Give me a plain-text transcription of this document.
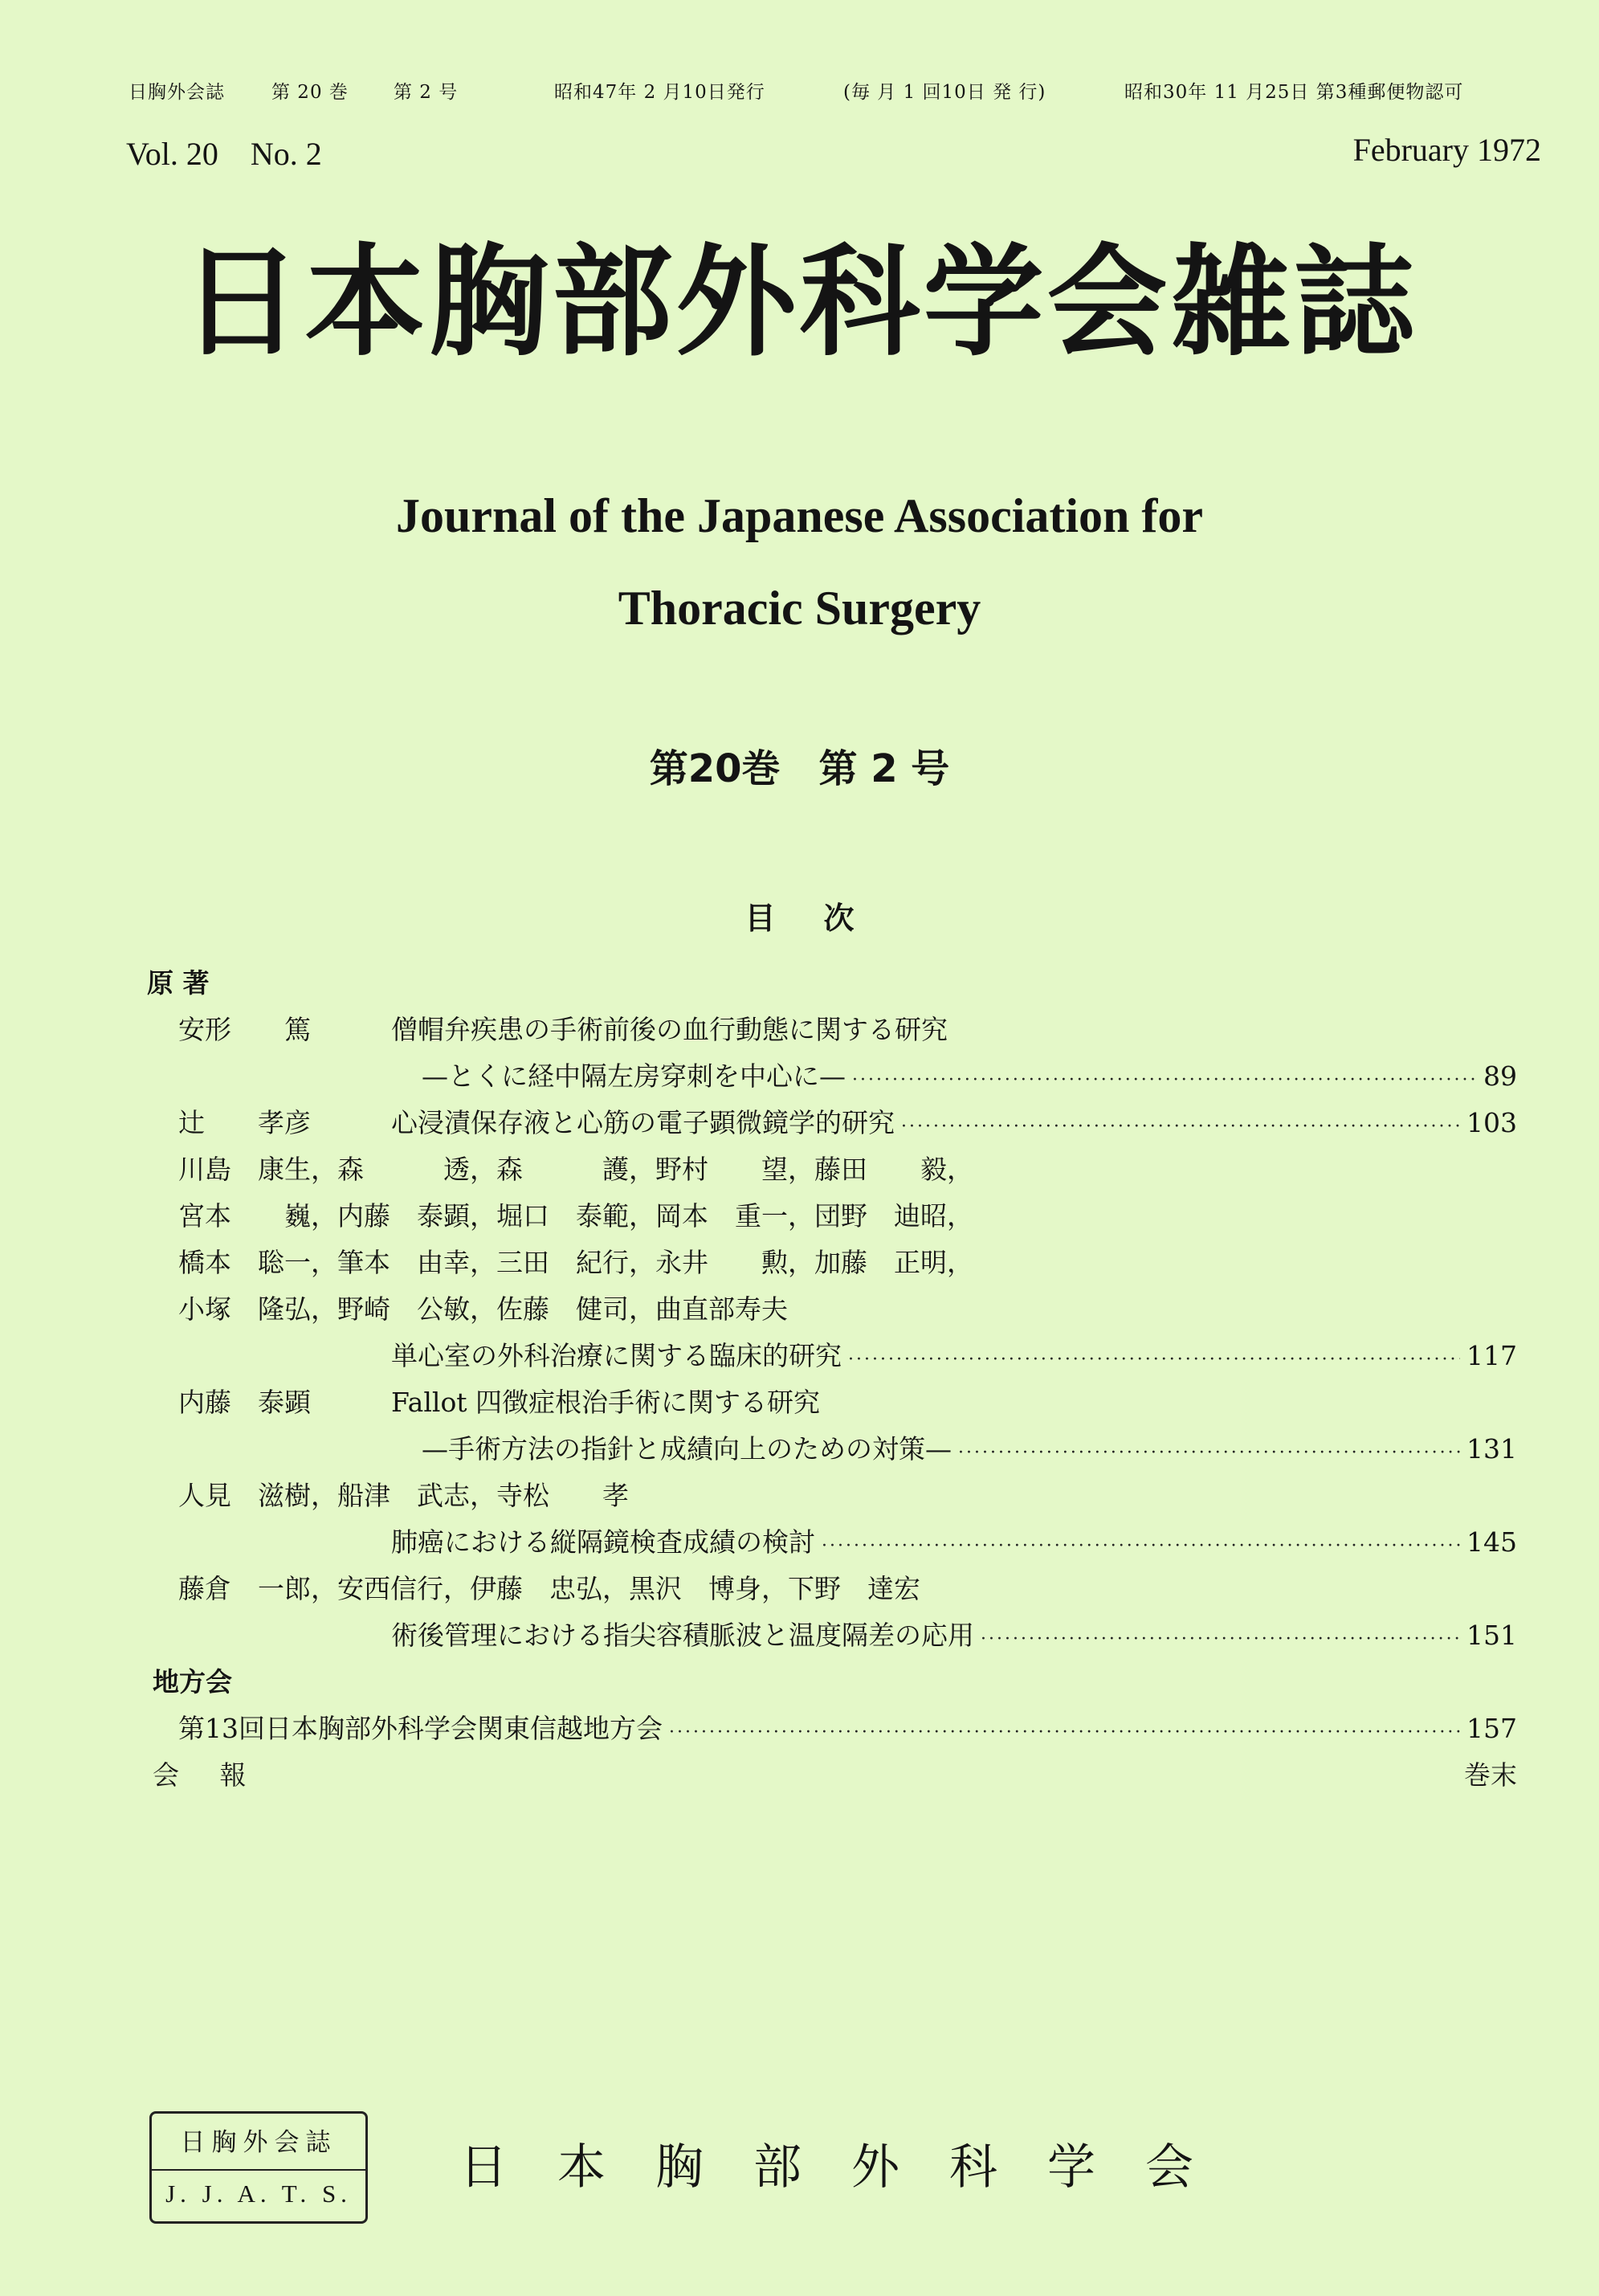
日胸外会誌	第 20 巻 第 2 号	昭和47年 2 月10日発行	(毎 月 1 回10日 発 行)	昭和30年 11 月25日 第3種郵便物認可
Vol. 20 No. 2	February 1972
日本胸部外科学会雑誌
Journal of the Japanese Association for
Thoracic Surgery
第20巻　第 2 号
目次
原 著
安形　　篤	僧帽弁疾患の手術前後の血行動態に関する研究
—とくに経中隔左房穿刺を中心に— ·····	89
辻　　孝彦	心浸漬保存液と心筋の電子顕微鏡学的研究 ·····	103
川島　康生，森　　　透，森　　　護，野村　　望，藤田　　毅，
宮本　　巍，内藤　泰顕，堀口　泰範，岡本　重一，団野　迪昭，
橋本　聡一，筆本　由幸，三田　紀行，永井　　勲，加藤　正明，
小塚　隆弘，野崎　公敏，佐藤　健司，曲直部寿夫
単心室の外科治療に関する臨床的研究 ·····	117
内藤　泰顕	Fallot 四徴症根治手術に関する研究
—手術方法の指針と成績向上のための対策— ·····	131
人見　滋樹，船津　武志，寺松　　孝
肺癌における縦隔鏡検査成績の検討 ·····	145
藤倉　一郎，安西信行，伊藤　忠弘，黒沢　博身，下野　達宏
術後管理における指尖容積脈波と温度隔差の応用 ·····	151
地方会
第13回日本胸部外科学会関東信越地方会 ·····	157
会 報	巻末
日胸外会誌
J. J. A. T. S. 日本胸部外科学会
